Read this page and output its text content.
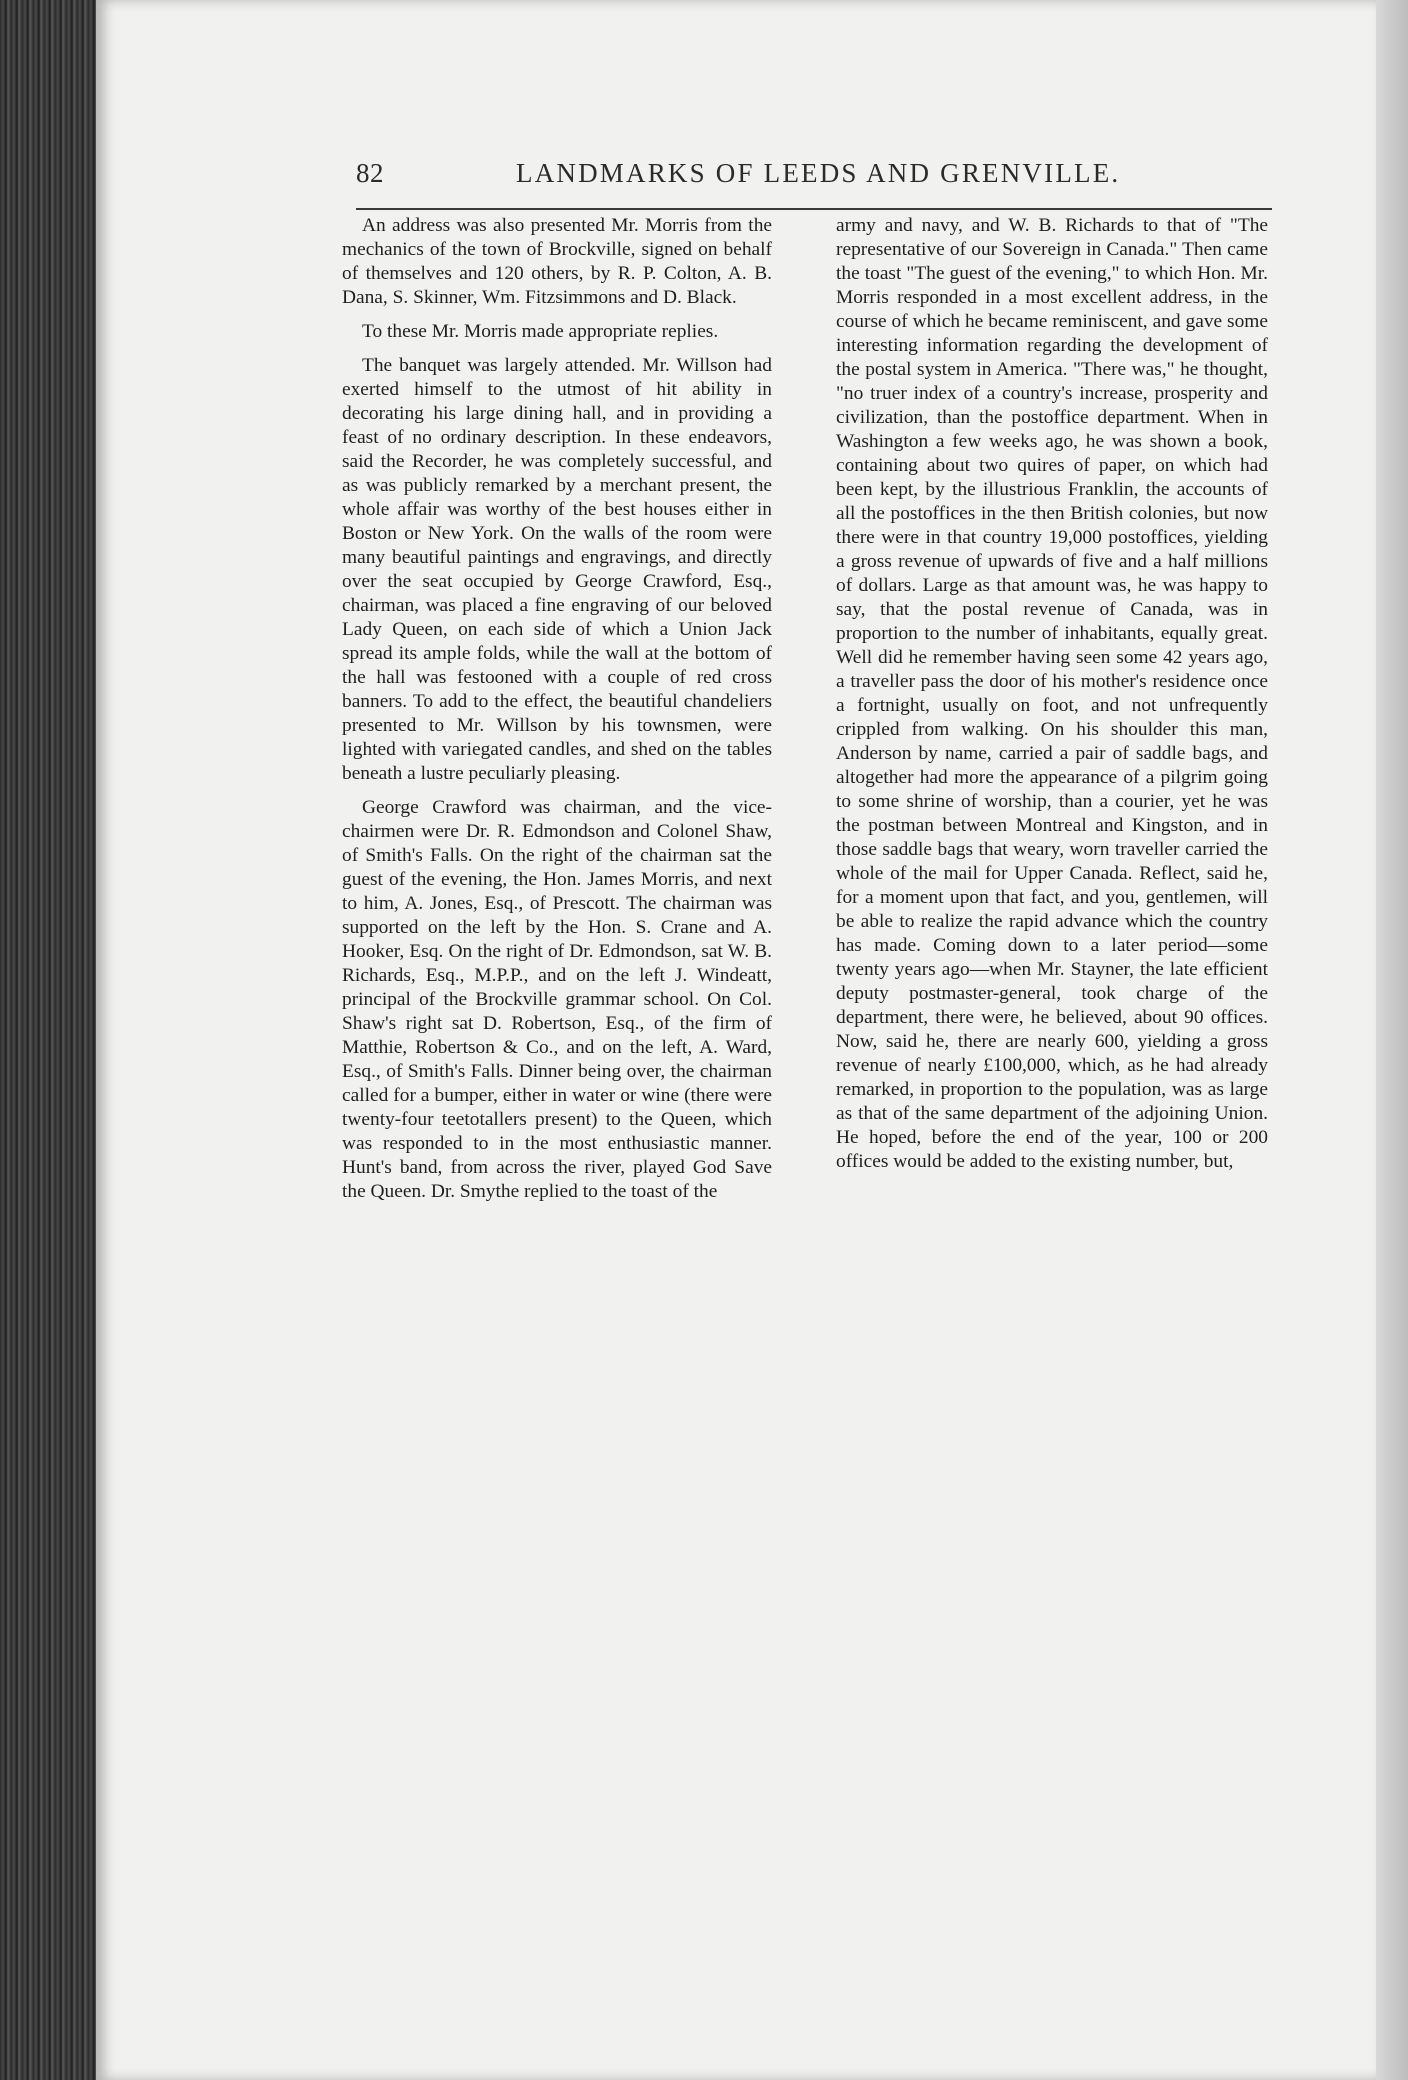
82	LANDMARKS OF LEEDS AND GRENVILLE.

An address was also presented Mr. Morris from the mechanics of the town of Brockville, signed on behalf of themselves and 120 others, by R. P. Colton, A. B. Dana, S. Skinner, Wm. Fitzsimmons and D. Black.

To these Mr. Morris made appropriate replies.

The banquet was largely attended. Mr. Willson had exerted himself to the utmost of hit ability in decorating his large dining hall, and in providing a feast of no ordinary description. In these endeavors, said the Recorder, he was completely successful, and as was publicly remarked by a merchant present, the whole affair was worthy of the best houses either in Boston or New York. On the walls of the room were many beautiful paintings and engravings, and directly over the seat occupied by George Crawford, Esq., chairman, was placed a fine engraving of our beloved Lady Queen, on each side of which a Union Jack spread its ample folds, while the wall at the bottom of the hall was festooned with a couple of red cross banners. To add to the effect, the beautiful chandeliers presented to Mr. Willson by his townsmen, were lighted with variegated candles, and shed on the tables beneath a lustre peculiarly pleasing.

George Crawford was chairman, and the vice-chairmen were Dr. R. Edmondson and Colonel Shaw, of Smith's Falls. On the right of the chairman sat the guest of the evening, the Hon. James Morris, and next to him, A. Jones, Esq., of Prescott. The chairman was supported on the left by the Hon. S. Crane and A. Hooker, Esq. On the right of Dr. Edmondson, sat W. B. Richards, Esq., M.P.P., and on the left J. Windeatt, principal of the Brockville grammar school. On Col. Shaw's right sat D. Robertson, Esq., of the firm of Matthie, Robertson & Co., and on the left, A. Ward, Esq., of Smith's Falls. Dinner being over, the chairman called for a bumper, either in water or wine (there were twenty-four teetotallers present) to the Queen, which was responded to in the most enthusiastic manner. Hunt's band, from across the river, played God Save the Queen. Dr. Smythe replied to the toast of the

army and navy, and W. B. Richards to that of "The representative of our Sovereign in Canada." Then came the toast "The guest of the evening," to which Hon. Mr. Morris responded in a most excellent address, in the course of which he became reminiscent, and gave some interesting information regarding the development of the postal system in America. "There was," he thought, "no truer index of a country's increase, prosperity and civilization, than the postoffice department. When in Washington a few weeks ago, he was shown a book, containing about two quires of paper, on which had been kept, by the illustrious Franklin, the accounts of all the postoffices in the then British colonies, but now there were in that country 19,000 postoffices, yielding a gross revenue of upwards of five and a half millions of dollars. Large as that amount was, he was happy to say, that the postal revenue of Canada, was in proportion to the number of inhabitants, equally great. Well did he remember having seen some 42 years ago, a traveller pass the door of his mother's residence once a fortnight, usually on foot, and not unfrequently crippled from walking. On his shoulder this man, Anderson by name, carried a pair of saddle bags, and altogether had more the appearance of a pilgrim going to some shrine of worship, than a courier, yet he was the postman between Montreal and Kingston, and in those saddle bags that weary, worn traveller carried the whole of the mail for Upper Canada. Reflect, said he, for a moment upon that fact, and you, gentlemen, will be able to realize the rapid advance which the country has made. Coming down to a later period—some twenty years ago—when Mr. Stayner, the late efficient deputy postmaster-general, took charge of the department, there were, he believed, about 90 offices. Now, said he, there are nearly 600, yielding a gross revenue of nearly £100,000, which, as he had already remarked, in proportion to the population, was as large as that of the same department of the adjoining Union. He hoped, before the end of the year, 100 or 200 offices would be added to the existing number, but,
